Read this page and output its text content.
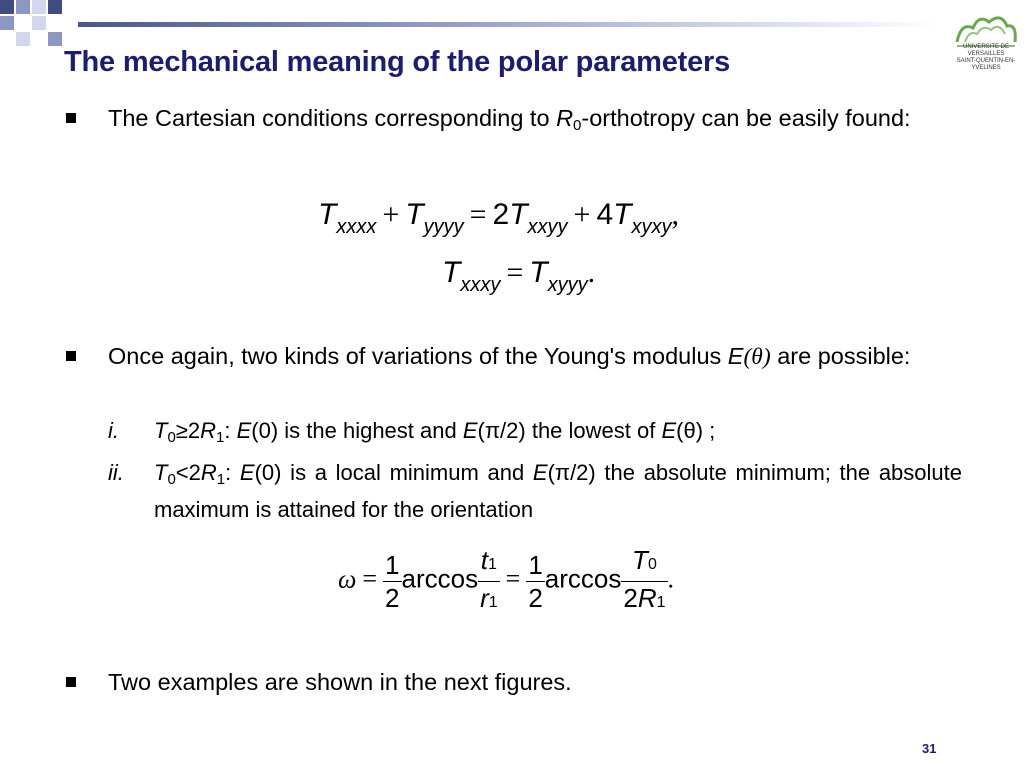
UNIVERSITE DE VERSAILLES
SAINT-QUENTIN-EN-YVELINES
The mechanical meaning of the polar parameters
The Cartesian conditions corresponding to $R_0$-orthotropy can be easily found:
$T_{xxxx} + T_{yyyy} = 2T_{xxyy} + 4T_{xyxy}$,
$T_{xxxy} = T_{xyyy}$.
Once again, two kinds of variations of the Young's modulus E(θ) are possible:
i. $T_0\ge 2R_1$: E(0) is the highest and E(π/2) the lowest of E(θ) ;
ii. $T_0<2R_1$: E(0) is a local minimum and E(π/2) the absolute minimum; the absolute maximum is attained for the orientation
$\omega = \frac{1}{2}$ $\arccos \frac{t1}{r1} = \frac{1}{2}$ $\arccos \frac{T0}{2R1}$ .
Two examples are shown in the next figures.
31
